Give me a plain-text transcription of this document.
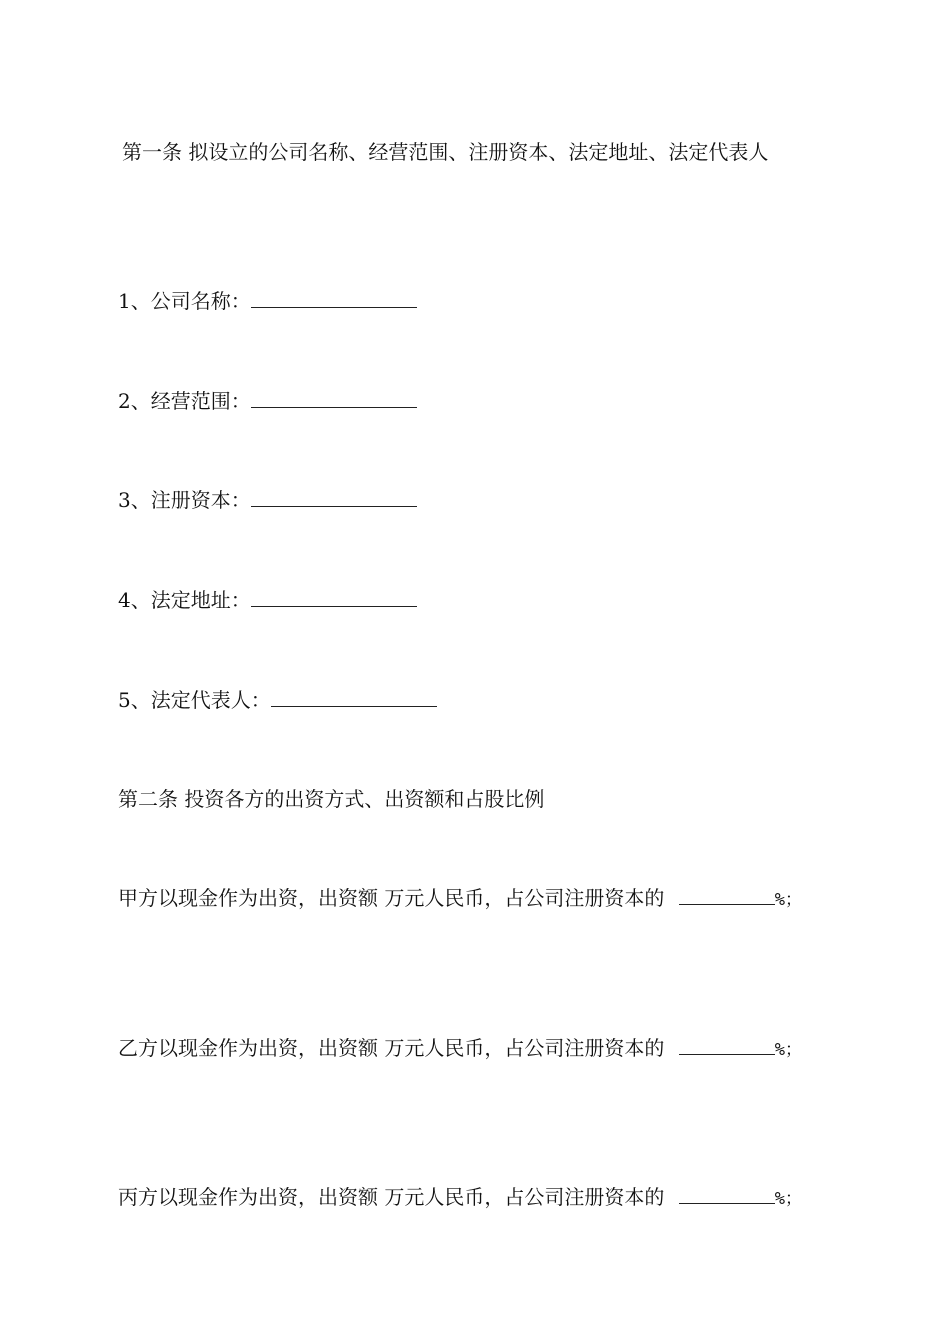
第一条 拟设立的公司名称、经营范围、注册资本、法定地址、法定代表人
1、公司名称：
2、经营范围：
3、注册资本：
4、法定地址：
5、法定代表人：
第二条 投资各方的出资方式、出资额和占股比例
甲方以现金作为出资，出资额 万元人民币，占公司注册资本的	%；
乙方以现金作为出资，出资额 万元人民币，占公司注册资本的	%；
丙方以现金作为出资，出资额 万元人民币，占公司注册资本的	%；
